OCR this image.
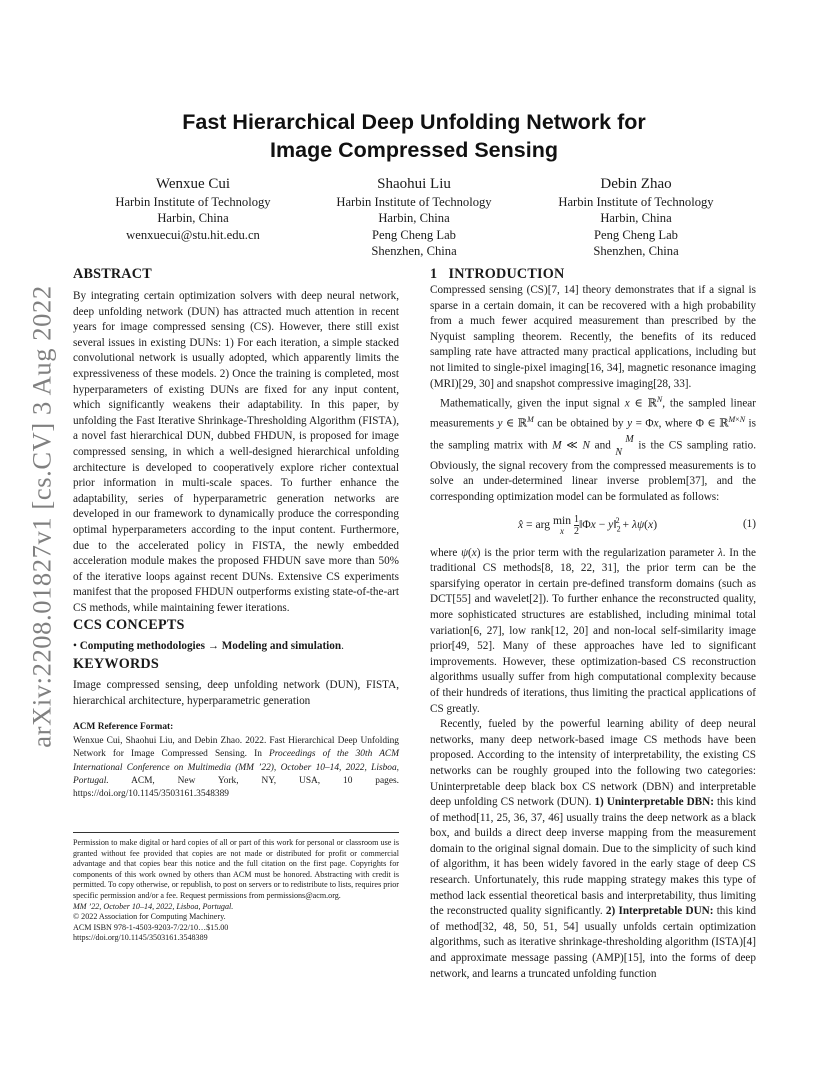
arXiv:2208.01827v1 [cs.CV] 3 Aug 2022
Fast Hierarchical Deep Unfolding Network for
Image Compressed Sensing
Wenxue Cui
Harbin Institute of Technology
Harbin, China
wenxuecui@stu.hit.edu.cn
Shaohui Liu
Harbin Institute of Technology
Harbin, China
Peng Cheng Lab
Shenzhen, China
Debin Zhao
Harbin Institute of Technology
Harbin, China
Peng Cheng Lab
Shenzhen, China
ABSTRACT

By integrating certain optimization solvers with deep neural network, deep unfolding network (DUN) has attracted much attention in recent years for image compressed sensing (CS). However, there still exist several issues in existing DUNs: 1) For each iteration, a simple stacked convolutional network is usually adopted, which apparently limits the expressiveness of these models. 2) Once the training is completed, most hyperparameters of existing DUNs are fixed for any input content, which significantly weakens their adaptability. In this paper, by unfolding the Fast Iterative Shrinkage-Thresholding Algorithm (FISTA), a novel fast hierarchical DUN, dubbed FHDUN, is proposed for image compressed sensing, in which a well-designed hierarchical unfolding architecture is developed to cooperatively explore richer contextual prior information in multi-scale spaces. To further enhance the adaptability, series of hyperparametric generation networks are developed in our framework to dynamically produce the corresponding optimal hyperparameters according to the input content. Furthermore, due to the accelerated policy in FISTA, the newly embedded acceleration module makes the proposed FHDUN save more than 50% of the iterative loops against recent DUNs. Extensive CS experiments manifest that the proposed FHDUN outperforms existing state-of-the-art CS methods, while maintaining fewer iterations.

CCS CONCEPTS

• Computing methodologies → Modeling and simulation.

KEYWORDS

Image compressed sensing, deep unfolding network (DUN), FISTA, hierarchical architecture, hyperparametric generation

ACM Reference Format:

Wenxue Cui, Shaohui Liu, and Debin Zhao. 2022. Fast Hierarchical Deep Unfolding Network for Image Compressed Sensing. In Proceedings of the 30th ACM International Conference on Multimedia (MM ’22), October 10–14, 2022, Lisboa, Portugal. ACM, New York, NY, USA, 10 pages. https://doi.org/10.1145/3503161.3548389

Permission to make digital or hard copies of all or part of this work for personal or classroom use is granted without fee provided that copies are not made or distributed for profit or commercial advantage and that copies bear this notice and the full citation on the first page. Copyrights for components of this work owned by others than ACM must be honored. Abstracting with credit is permitted. To copy otherwise, or republish, to post on servers or to redistribute to lists, requires prior specific permission and/or a fee. Request permissions from permissions@acm.org.

MM ’22, October 10–14, 2022, Lisboa, Portugal.

© 2022 Association for Computing Machinery.

ACM ISBN 978-1-4503-9203-7/22/10…$15.00

https://doi.org/10.1145/3503161.3548389

1   INTRODUCTION

Compressed sensing (CS)[7, 14] theory demonstrates that if a signal is sparse in a certain domain, it can be recovered with a high probability from a much fewer acquired measurement than prescribed by the Nyquist sampling theorem. Recently, the benefits of its reduced sampling rate have attracted many practical applications, including but not limited to single-pixel imaging[16, 34], magnetic resonance imaging (MRI)[29, 30] and snapshot compressive imaging[28, 33].

Mathematically, given the input signal x ∈ ℝ$^N$, the sampled linear measurements y ∈ ℝ$^M$ can be obtained by y = Φx, where Φ ∈ ℝ$^{M\times N}$ is the sampling matrix with M ≪ N and M
N is the CS sampling ratio. Obviously, the signal recovery from the compressed measurements is to solve an under-determined linear inverse problem[37], and the corresponding optimization model can be formulated as follows:

x̂ = arg min
x $\frac{1}{2}$ ‖Φx − $y‖_2^2 + \lambda\psi(x)$	(1)

where ψ(x) is the prior term with the regularization parameter λ. In the traditional CS methods[8, 18, 22, 31], the prior term can be the sparsifying operator in certain pre-defined transform domains (such as DCT[55] and wavelet[2]). To further enhance the reconstructed quality, more sophisticated structures are established, including minimal total variation[6, 27], low rank[12, 20] and non-local self-similarity image prior[49, 52]. Many of these approaches have led to significant improvements. However, these optimization-based CS reconstruction algorithms usually suffer from high computational complexity because of their hundreds of iterations, thus limiting the practical applications of CS greatly.

Recently, fueled by the powerful learning ability of deep neural networks, many deep network-based image CS methods have been proposed. According to the intensity of interpretability, the existing CS networks can be roughly grouped into the following two categories: Uninterpretable deep black box CS network (DBN) and interpretable deep unfolding CS network (DUN). 1) Uninterpretable DBN: this kind of method[11, 25, 36, 37, 46] usually trains the deep network as a black box, and builds a direct deep inverse mapping from the measurement domain to the original signal domain. Due to the simplicity of such kind of algorithm, it has been widely favored in the early stage of deep CS research. Unfortunately, this rude mapping strategy makes this type of method lack essential theoretical basis and interpretability, thus limiting the reconstructed quality significantly. 2) Interpretable DUN: this kind of method[32, 48, 50, 51, 54] usually unfolds certain optimization algorithms, such as iterative shrinkage-thresholding algorithm (ISTA)[4] and approximate message passing (AMP)[15], into the forms of deep network, and learns a truncated unfolding function
